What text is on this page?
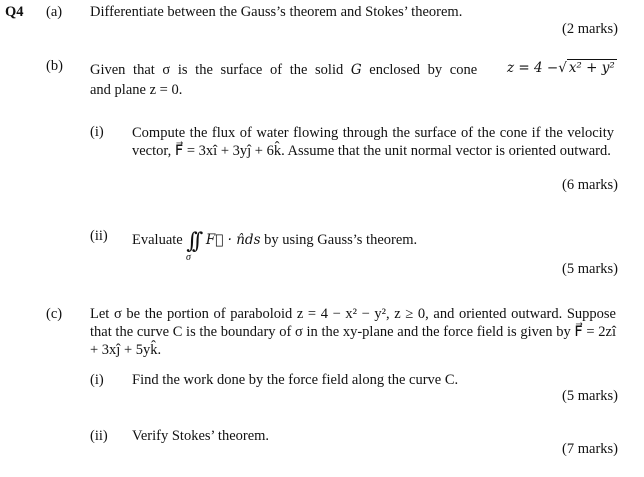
Q4 (a) Differentiate between the Gauss’s theorem and Stokes’ theorem.
(2 marks)
(b) Given that σ is the surface of the solid G enclosed by cone z = 4 −√ x² + y²
and plane z = 0.
(i) Compute the flux of water flowing through the surface of the cone if the velocity vector, F⃗ = 3xî + 3yĵ + 6k̂. Assume that the unit normal vector is oriented outward.
(6 marks)
(ii) Evaluate ∫∫ F⃗ · n̂ds by using Gauss’s theorem.
σ
(5 marks)
(c) Let σ be the portion of paraboloid z = 4 − x² − y², z ≥ 0, and oriented outward. Suppose that the curve C is the boundary of σ in the xy-plane and the force field is given by F⃗ = 2zî + 3xĵ + 5yk̂.
(i) Find the work done by the force field along the curve C.
(5 marks)
(ii) Verify Stokes’ theorem.
(7 marks)
